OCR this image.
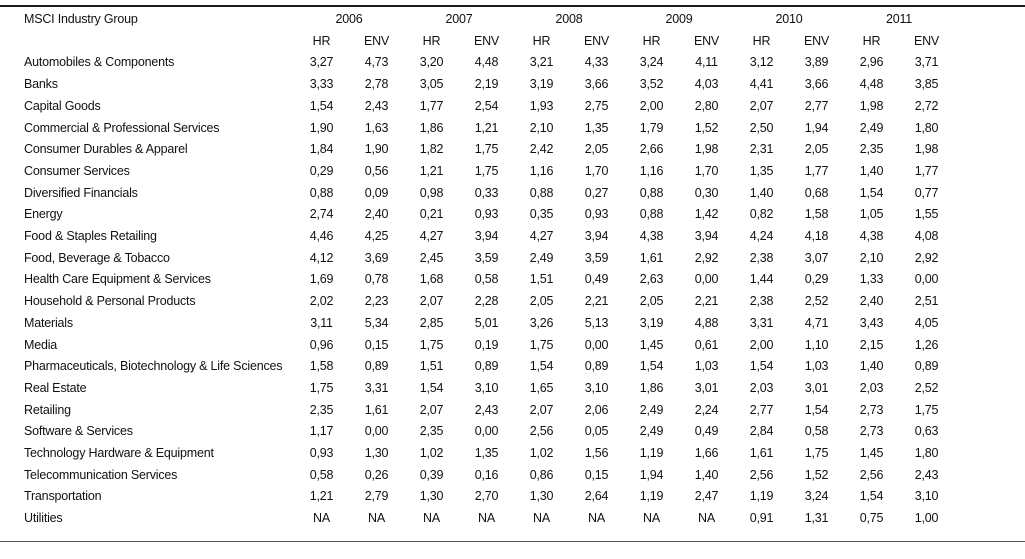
MSCI Industry Group	2006		2007		2008		2009		2010		2011	
	HR	ENV	HR	ENV	HR	ENV	HR	ENV	HR	ENV	HR	ENV
Automobiles & Components	3,27	4,73	3,20	4,48	3,21	4,33	3,24	4,11	3,12	3,89	2,96	3,71
Banks	3,33	2,78	3,05	2,19	3,19	3,66	3,52	4,03	4,41	3,66	4,48	3,85
Capital Goods	1,54	2,43	1,77	2,54	1,93	2,75	2,00	2,80	2,07	2,77	1,98	2,72
Commercial & Professional Services	1,90	1,63	1,86	1,21	2,10	1,35	1,79	1,52	2,50	1,94	2,49	1,80
Consumer Durables & Apparel	1,84	1,90	1,82	1,75	2,42	2,05	2,66	1,98	2,31	2,05	2,35	1,98
Consumer Services	0,29	0,56	1,21	1,75	1,16	1,70	1,16	1,70	1,35	1,77	1,40	1,77
Diversified Financials	0,88	0,09	0,98	0,33	0,88	0,27	0,88	0,30	1,40	0,68	1,54	0,77
Energy	2,74	2,40	0,21	0,93	0,35	0,93	0,88	1,42	0,82	1,58	1,05	1,55
Food & Staples Retailing	4,46	4,25	4,27	3,94	4,27	3,94	4,38	3,94	4,24	4,18	4,38	4,08
Food, Beverage & Tobacco	4,12	3,69	2,45	3,59	2,49	3,59	1,61	2,92	2,38	3,07	2,10	2,92
Health Care Equipment & Services	1,69	0,78	1,68	0,58	1,51	0,49	2,63	0,00	1,44	0,29	1,33	0,00
Household & Personal Products	2,02	2,23	2,07	2,28	2,05	2,21	2,05	2,21	2,38	2,52	2,40	2,51
Materials	3,11	5,34	2,85	5,01	3,26	5,13	3,19	4,88	3,31	4,71	3,43	4,05
Media	0,96	0,15	1,75	0,19	1,75	0,00	1,45	0,61	2,00	1,10	2,15	1,26
Pharmaceuticals, Biotechnology & Life Sciences	1,58	0,89	1,51	0,89	1,54	0,89	1,54	1,03	1,54	1,03	1,40	0,89
Real Estate	1,75	3,31	1,54	3,10	1,65	3,10	1,86	3,01	2,03	3,01	2,03	2,52
Retailing	2,35	1,61	2,07	2,43	2,07	2,06	2,49	2,24	2,77	1,54	2,73	1,75
Software & Services	1,17	0,00	2,35	0,00	2,56	0,05	2,49	0,49	2,84	0,58	2,73	0,63
Technology Hardware & Equipment	0,93	1,30	1,02	1,35	1,02	1,56	1,19	1,66	1,61	1,75	1,45	1,80
Telecommunication Services	0,58	0,26	0,39	0,16	0,86	0,15	1,94	1,40	2,56	1,52	2,56	2,43
Transportation	1,21	2,79	1,30	2,70	1,30	2,64	1,19	2,47	1,19	3,24	1,54	3,10
Utilities	NA	NA	NA	NA	NA	NA	NA	NA	0,91	1,31	0,75	1,00
